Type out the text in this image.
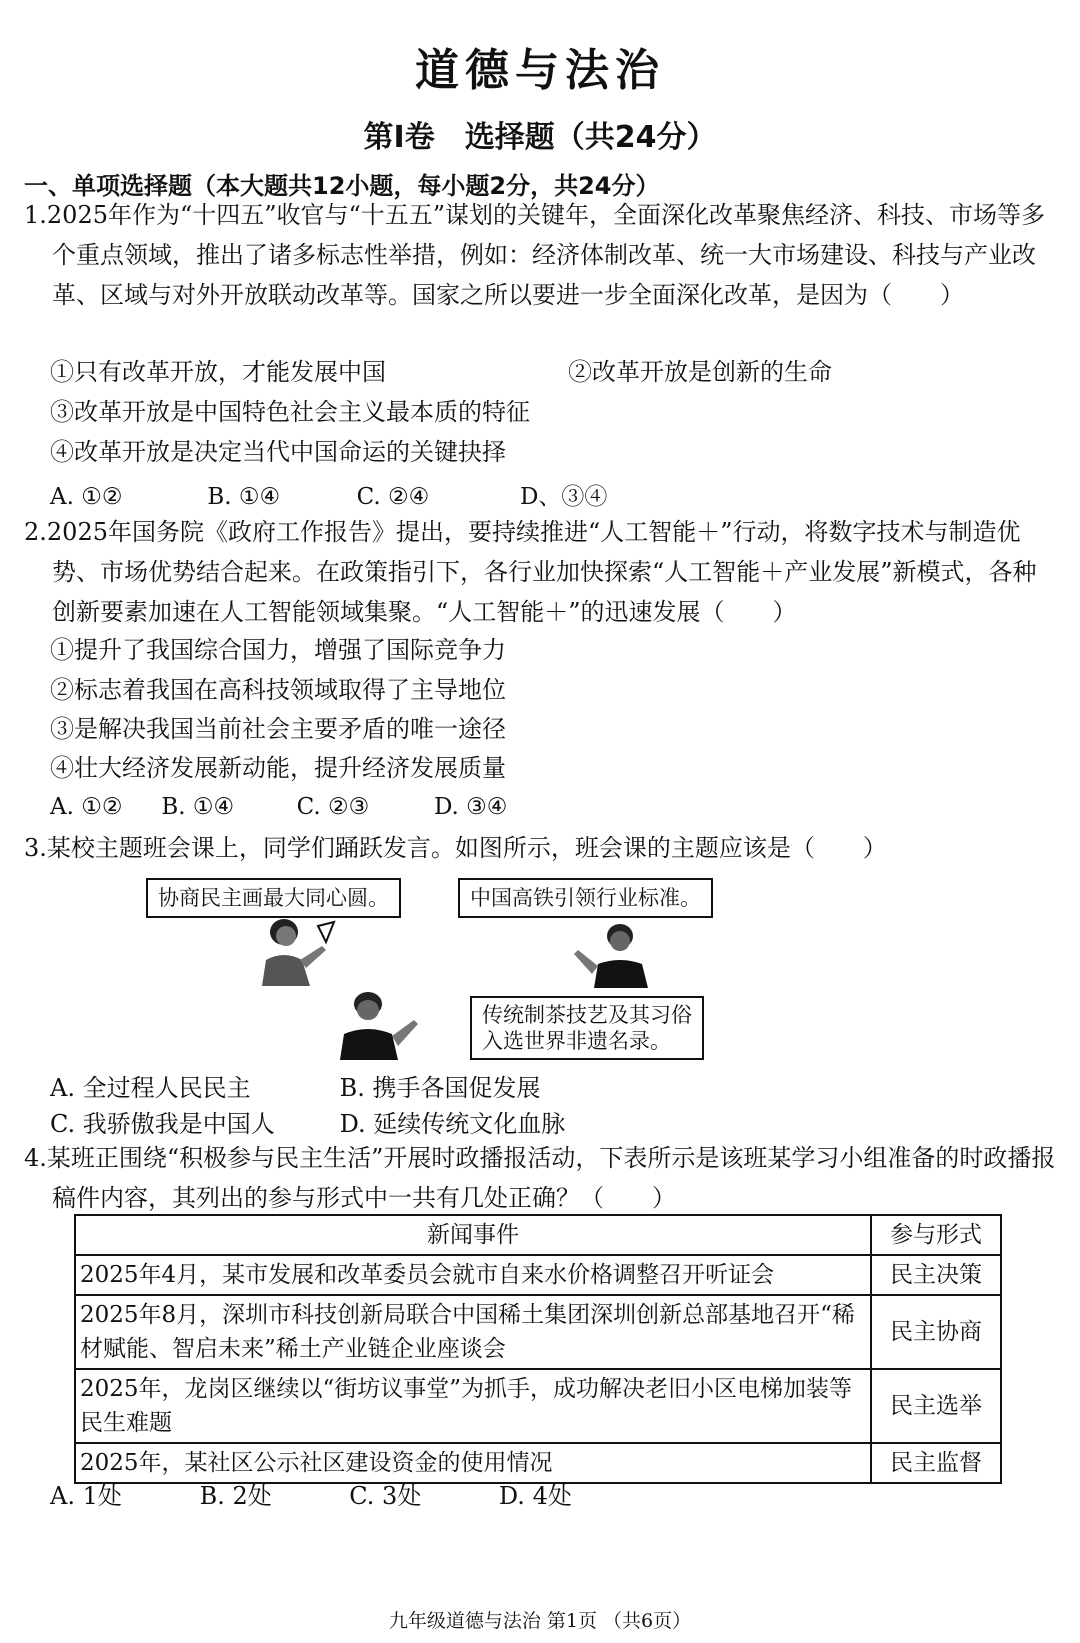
道德与法治
第Ⅰ卷　选择题（共24分）
一、单项选择题（本大题共12小题，每小题2分，共24分）

1.2025年作为“十四五”收官与“十五五”谋划的关键年，全面深化改革聚焦经济、科技、市场等多个重点领域，推出了诸多标志性举措，例如：经济体制改革、统一大市场建设、科技与产业改革、区域与对外开放联动改革等。国家之所以要进一步全面深化改革，是因为（　　）

①只有改革开放，才能发展中国	②改革开放是创新的生命
③改革开放是中国特色社会主义最本质的特征
④改革开放是决定当代中国命运的关键抉择
A. ①②	B. ①④	C. ②④	D、③④

2.2025年国务院《政府工作报告》提出，要持续推进“人工智能＋”行动，将数字技术与制造优势、市场优势结合起来。在政策指引下，各行业加快探索“人工智能＋产业发展”新模式，各种创新要素加速在人工智能领域集聚。“人工智能＋”的迅速发展（　　）

①提升了我国综合国力，增强了国际竞争力
②标志着我国在高科技领域取得了主导地位
③是解决我国当前社会主要矛盾的唯一途径
④壮大经济发展新动能，提升经济发展质量
A. ①② B. ①④	C. ②③	D. ③④

3.某校主题班会课上，同学们踊跃发言。如图所示，班会课的主题应该是（　　）

协商民主画最大同心圆。	中国高铁引领行业标准。
传统制茶技艺及其习俗
入选世界非遗名录。
A. 全过程人民民主	B. 携手各国促发展
C. 我骄傲我是中国人	D. 延续传统文化血脉

4.某班正围绕“积极参与民主生活”开展时政播报活动，下表所示是该班某学习小组准备的时政播报稿件内容，其列出的参与形式中一共有几处正确？（　　）

新闻事件	参与形式
2025年4月，某市发展和改革委员会就市自来水价格调整召开听证会	民主决策
2025年8月，深圳市科技创新局联合中国稀土集团深圳创新总部基地召开“稀材赋能、智启未来”稀土产业链企业座谈会	民主协商
2025年，龙岗区继续以“街坊议事堂”为抓手，成功解决老旧小区电梯加装等民生难题	民主选举
2025年，某社区公示社区建设资金的使用情况	民主监督
A. 1处	B. 2处	C. 3处	D. 4处
九年级道德与法治 第1页 （共6页）
